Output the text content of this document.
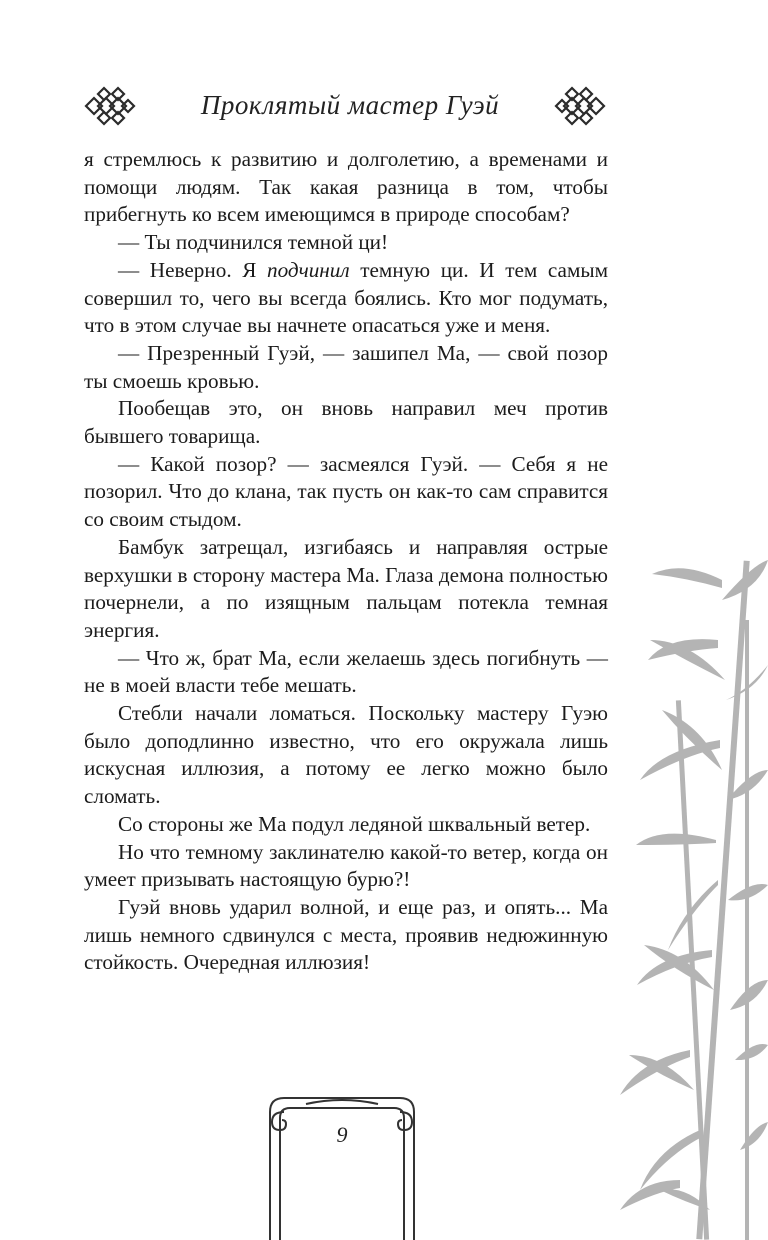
Проклятый мастер Гуэй

я стремлюсь к развитию и долголетию, а временами и помощи людям. Так какая разница в том, чтобы прибегнуть ко всем имеющимся в природе способам?

— Ты подчинился темной ци!

— Неверно. Я подчинил темную ци. И тем самым совершил то, чего вы всегда боялись. Кто мог подумать, что в этом случае вы начнете опасаться уже и меня.

— Презренный Гуэй, — зашипел Ма, — свой позор ты смоешь кровью.

Пообещав это, он вновь направил меч против бывшего товарища.

— Какой позор? — засмеялся Гуэй. — Себя я не позорил. Что до клана, так пусть он как-то сам справится со своим стыдом.

Бамбук затрещал, изгибаясь и направляя острые верхушки в сторону мастера Ма. Глаза демона полностью почернели, а по изящным пальцам потекла темная энергия.

— Что ж, брат Ма, если желаешь здесь погибнуть — не в моей власти тебе мешать.

Стебли начали ломаться. Поскольку мастеру Гуэю было доподлинно известно, что его окружала лишь искусная иллюзия, а потому ее легко можно было сломать.

Со стороны же Ма подул ледяной шквальный ветер.

Но что темному заклинателю какой-то ветер, когда он умеет призывать настоящую бурю?!

Гуэй вновь ударил волной, и еще раз, и опять... Ма лишь немного сдвинулся с места, проявив недюжинную стойкость. Очередная иллюзия!

9
